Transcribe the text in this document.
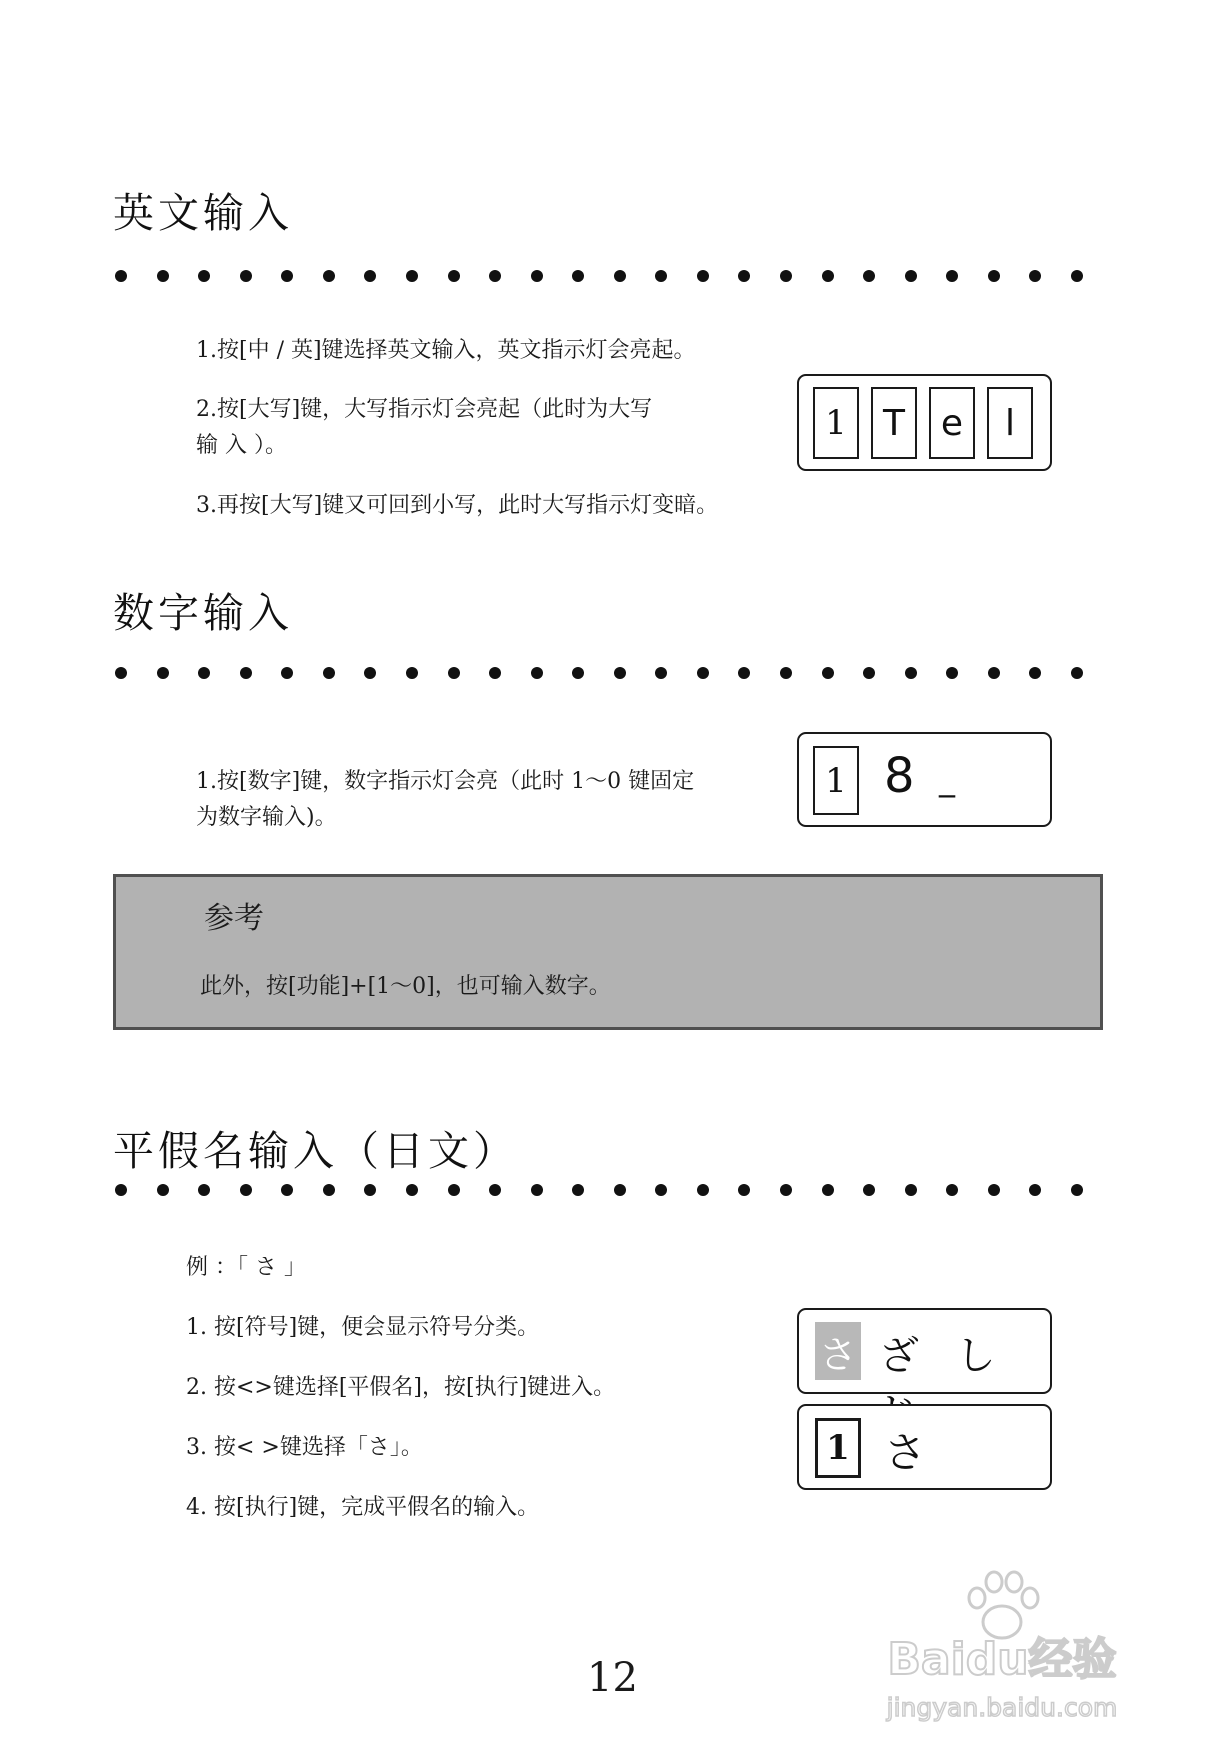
英文输入

1.按[中 / 英]键选择英文输入，英文指示灯会亮起。

2.按[大写]键，大写指示灯会亮起（此时为大写

输 入 ）。

3.再按[大写]键又可回到小写，此时大写指示灯变暗。

1	T e	l
数字输入

1.按[数字]键，数字指示灯会亮（此时 1～0 键固定

为数字输入)。

1 8 _
参考

此外，按[功能]+[1～0]，也可输入数字。

平假名输入（日文）

例 ：「 さ 」

1. 按[符号]键，便会显示符号分类。

2. 按<>键选择[平假名]，按[执行]键进入。

3. 按< >键选择「さ」。

4. 按[执行]键，完成平假名的输入。

さ ざ し
1 さ
12	Baidu经验
jingyan.baidu.com
